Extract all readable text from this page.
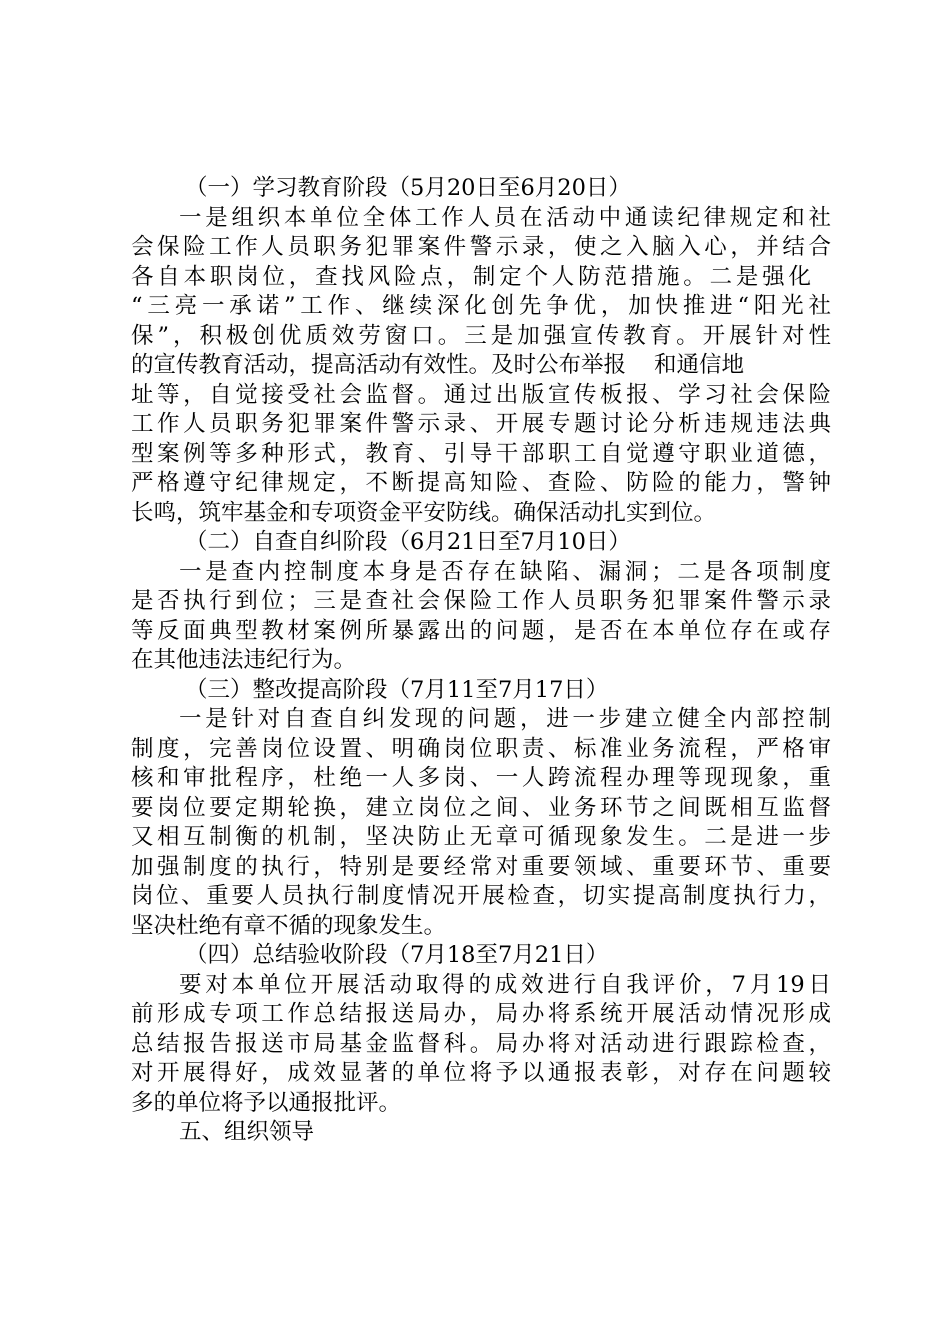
（一）学习教育阶段（5月20日至6月20日）
一是组织本单位全体工作人员在活动中通读纪律规定和社
会保险工作人员职务犯罪案件警示录，使之入脑入心，并结合
各自本职岗位，查找风险点，制定个人防范措施。二是强化
“三亮一承诺”工作、继续深化创先争优，加快推进“阳光社
保”，积极创优质效劳窗口。三是加强宣传教育。开展针对性
的宣传教育活动，提高活动有效性。及时公布举报 和通信地
址等，自觉接受社会监督。通过出版宣传板报、学习社会保险
工作人员职务犯罪案件警示录、开展专题讨论分析违规违法典
型案例等多种形式，教育、引导干部职工自觉遵守职业道德，
严格遵守纪律规定，不断提高知险、查险、防险的能力，警钟
长鸣，筑牢基金和专项资金平安防线。确保活动扎实到位。
（二）自查自纠阶段（6月21日至7月10日）
一是查内控制度本身是否存在缺陷、漏洞；二是各项制度
是否执行到位；三是查社会保险工作人员职务犯罪案件警示录
等反面典型教材案例所暴露出的问题，是否在本单位存在或存
在其他违法违纪行为。
（三）整改提高阶段（7月11至7月17日）
一是针对自查自纠发现的问题，进一步建立健全内部控制
制度，完善岗位设置、明确岗位职责、标准业务流程，严格审
核和审批程序，杜绝一人多岗、一人跨流程办理等现现象，重
要岗位要定期轮换，建立岗位之间、业务环节之间既相互监督
又相互制衡的机制，坚决防止无章可循现象发生。二是进一步
加强制度的执行，特别是要经常对重要领域、重要环节、重要
岗位、重要人员执行制度情况开展检查，切实提高制度执行力，
坚决杜绝有章不循的现象发生。
（四）总结验收阶段（7月18至7月21日）
要对本单位开展活动取得的成效进行自我评价，7月19日
前形成专项工作总结报送局办，局办将系统开展活动情况形成
总结报告报送市局基金监督科。局办将对活动进行跟踪检查，
对开展得好，成效显著的单位将予以通报表彰，对存在问题较
多的单位将予以通报批评。
五、组织领导
